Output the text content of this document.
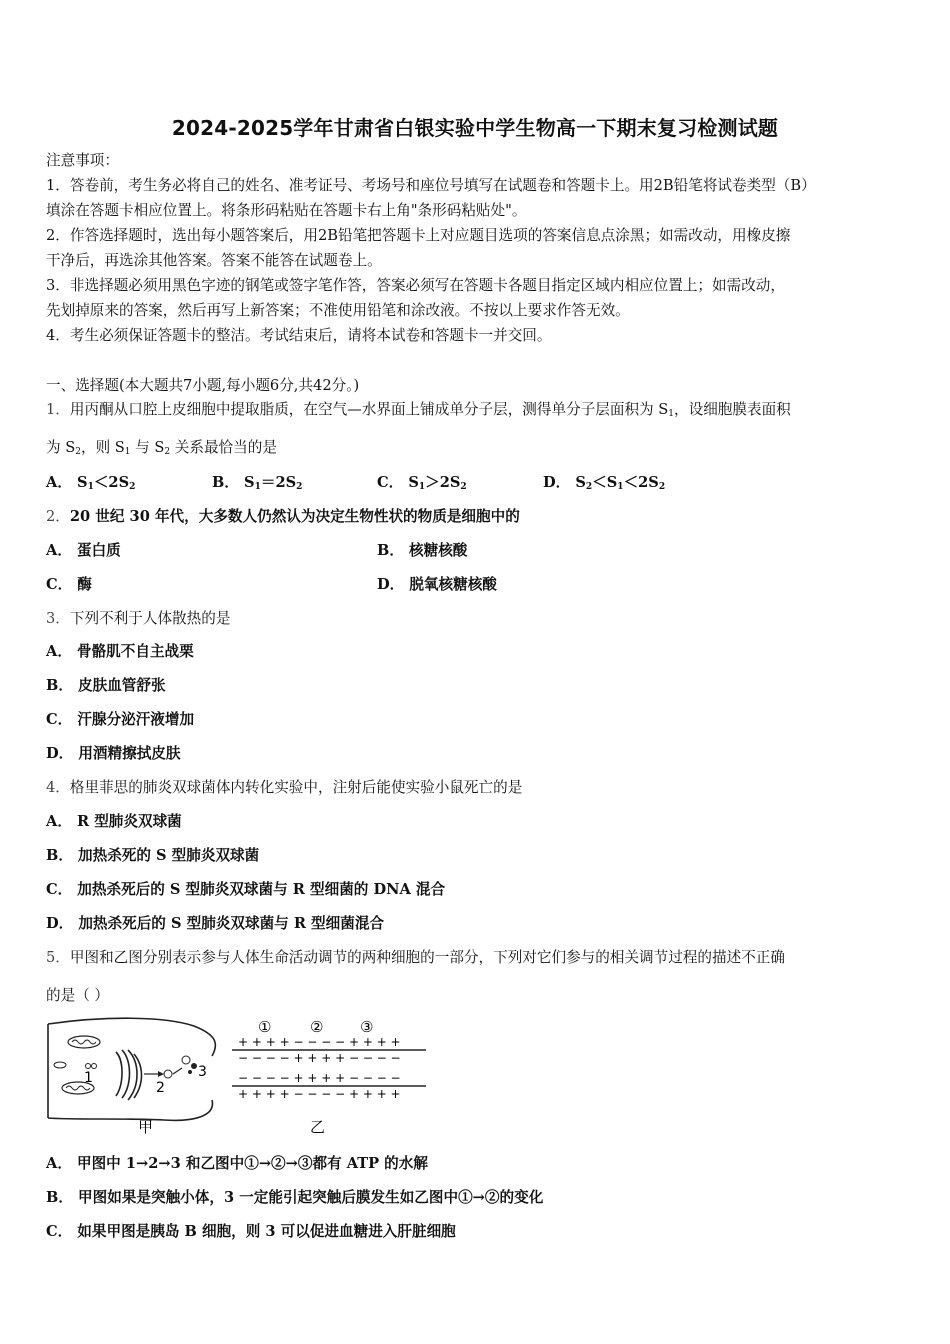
2024-2025学年甘肃省白银实验中学生物高一下期末复习检测试题
注意事项：
1．答卷前，考生务必将自己的姓名、准考证号、考场号和座位号填写在试题卷和答题卡上。用2B铅笔将试卷类型（B）
填涂在答题卡相应位置上。将条形码粘贴在答题卡右上角"条形码粘贴处"。
2．作答选择题时，选出每小题答案后，用2B铅笔把答题卡上对应题目选项的答案信息点涂黑；如需改动，用橡皮擦
干净后，再选涂其他答案。答案不能答在试题卷上。
3．非选择题必须用黑色字迹的钢笔或签字笔作答，答案必须写在答题卡各题目指定区域内相应位置上；如需改动，
先划掉原来的答案，然后再写上新答案；不准使用铅笔和涂改液。不按以上要求作答无效。
4．考生必须保证答题卡的整洁。考试结束后，请将本试卷和答题卡一并交回。
一、选择题(本大题共7小题,每小题6分,共42分。)
1．用丙酮从口腔上皮细胞中提取脂质，在空气—水界面上铺成单分子层，测得单分子层面积为 $S_1$，设细胞膜表面积
为 $S_2$，则 $S_1$ 与 $S_2$ 关系最恰当的是
A． $S_1<2S_2$	B． $S_1=2S_2$	C． $S_1>2S_2$	D． $S_2<S_1<2S_2$
2．20 世纪 30 年代，大多数人仍然认为决定生物性状的物质是细胞中的
A． 蛋白质	B． 核糖核酸
C． 酶	D． 脱氧核糖核酸
3．下列不利于人体散热的是
A． 骨骼肌不自主战栗
B． 皮肤血管舒张
C． 汗腺分泌汗液增加
D． 用酒精擦拭皮肤
4．格里菲思的肺炎双球菌体内转化实验中，注射后能使实验小鼠死亡的是
A． R 型肺炎双球菌
B． 加热杀死的 S 型肺炎双球菌
C． 加热杀死后的 S 型肺炎双球菌与 R 型细菌的 DNA 混合
D． 加热杀死后的 S 型肺炎双球菌与 R 型细菌混合
5．甲图和乙图分别表示参与人体生命活动调节的两种细胞的一部分，下列对它们参与的相关调节过程的描述不正确
的是（ ）
1
2
3
甲
①	② ③
+ + + + − − − − + + + +
− − − − + + + + − − − −
− − − − + + + + − − − −
+ + + + − − − − + + + +
乙
A． 甲图中 1→2→3 和乙图中①→②→③都有 ATP 的水解
B． 甲图如果是突触小体，3 一定能引起突触后膜发生如乙图中①→②的变化
C． 如果甲图是胰岛 B 细胞，则 3 可以促进血糖进入肝脏细胞
